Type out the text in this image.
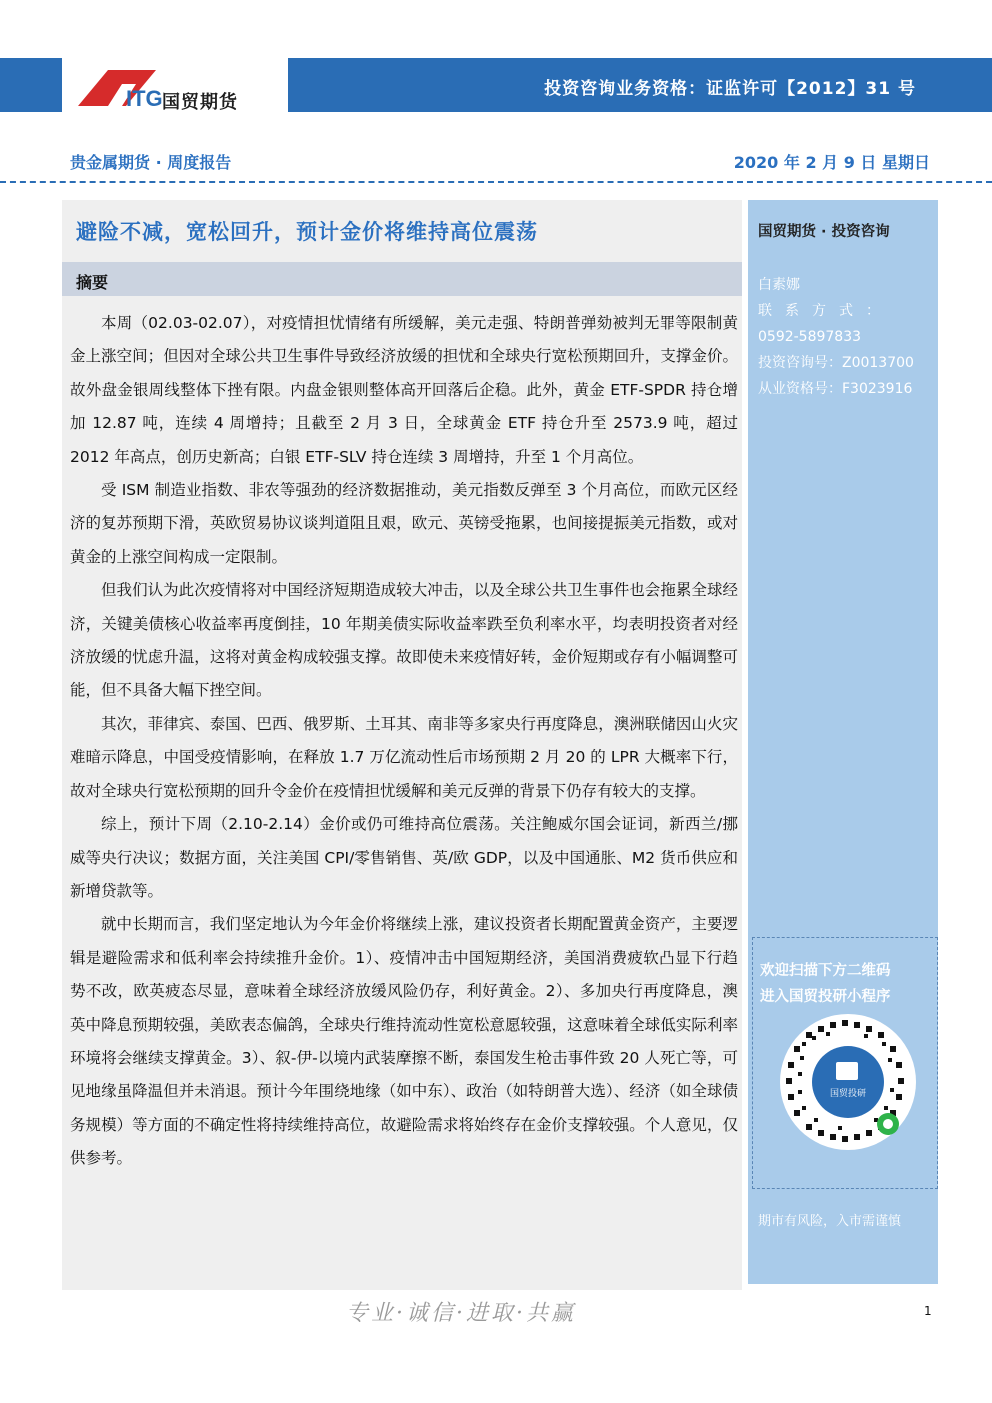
ITG 国贸期货
投资咨询业务资格：证监许可【2012】31 号
贵金属期货 · 周度报告	2020 年 2 月 9 日 星期日
避险不减，宽松回升，预计金价将维持高位震荡
摘要

本周（02.03-02.07），对疫情担忧情绪有所缓解，美元走强、特朗普弹劾被判无罪等限制黄金上涨空间；但因对全球公共卫生事件导致经济放缓的担忧和全球央行宽松预期回升，支撑金价。故外盘金银周线整体下挫有限。内盘金银则整体高开回落后企稳。此外，黄金 ETF-SPDR 持仓增加 12.87 吨，连续 4 周增持；且截至 2 月 3 日，全球黄金 ETF 持仓升至 2573.9 吨，超过 2012 年高点，创历史新高；白银 ETF-SLV 持仓连续 3 周增持，升至 1 个月高位。

受 ISM 制造业指数、非农等强劲的经济数据推动，美元指数反弹至 3 个月高位，而欧元区经济的复苏预期下滑，英欧贸易协议谈判道阻且艰，欧元、英镑受拖累，也间接提振美元指数，或对黄金的上涨空间构成一定限制。

但我们认为此次疫情将对中国经济短期造成较大冲击，以及全球公共卫生事件也会拖累全球经济，关键美债核心收益率再度倒挂，10 年期美债实际收益率跌至负利率水平，均表明投资者对经济放缓的忧虑升温，这将对黄金构成较强支撑。故即使未来疫情好转，金价短期或存有小幅调整可能，但不具备大幅下挫空间。

其次，菲律宾、泰国、巴西、俄罗斯、土耳其、南非等多家央行再度降息，澳洲联储因山火灾难暗示降息，中国受疫情影响，在释放 1.7 万亿流动性后市场预期 2 月 20 的 LPR 大概率下行，故对全球央行宽松预期的回升令金价在疫情担忧缓解和美元反弹的背景下仍存有较大的支撑。

综上，预计下周（2.10-2.14）金价或仍可维持高位震荡。关注鲍威尔国会证词，新西兰/挪威等央行决议；数据方面，关注美国 CPI/零售销售、英/欧 GDP，以及中国通胀、M2 货币供应和新增贷款等。

就中长期而言，我们坚定地认为今年金价将继续上涨，建议投资者长期配置黄金资产，主要逻辑是避险需求和低利率会持续推升金价。1）、疫情冲击中国短期经济，美国消费疲软凸显下行趋势不改，欧英疲态尽显，意味着全球经济放缓风险仍存，利好黄金。2）、多加央行再度降息，澳英中降息预期较强，美欧表态偏鸽，全球央行维持流动性宽松意愿较强，这意味着全球低实际利率环境将会继续支撑黄金。3）、叙-伊-以境内武装摩擦不断，泰国发生枪击事件致 20 人死亡等，可见地缘虽降温但并未消退。预计今年围绕地缘（如中东）、政治（如特朗普大选）、经济（如全球债务规模）等方面的不确定性将持续维持高位，故避险需求将始终存在金价支撑较强。个人意见，仅供参考。

国贸期货 · 投资咨询
白素娜
联系方式：
0592-5897833
投资咨询号：Z0013700
从业资格号：F3023916
欢迎扫描下方二维码
进入国贸投研小程序
国贸投研
期市有风险，入市需谨慎
专业·诚信·进取·共赢	1
